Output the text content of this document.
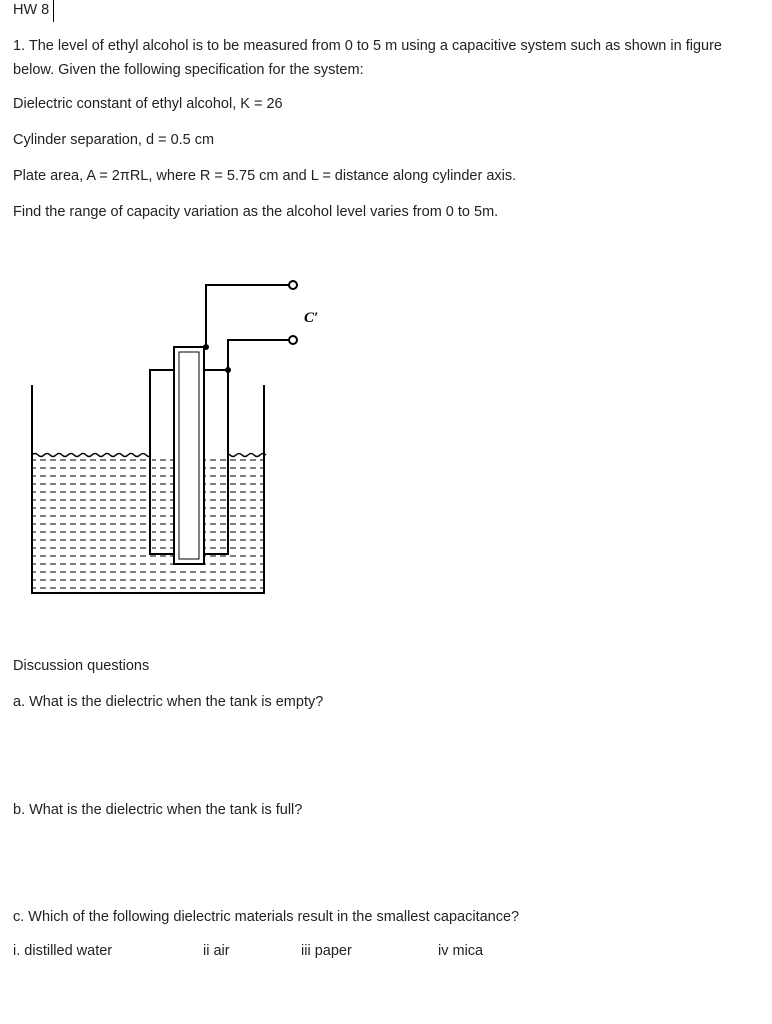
HW 8
1. The level of ethyl alcohol is to be measured from 0 to 5 m using a capacitive system such as shown in figure below. Given the following specification for the system:
Dielectric constant of ethyl alcohol, K = 26
Cylinder separation, d = 0.5 cm
Plate area, A = 2πRL, where R = 5.75 cm and L = distance along cylinder axis.
Find the range of capacity variation as the alcohol level varies from 0 to 5m.
C′
Discussion questions
a. What is the dielectric when the tank is empty?
b. What is the dielectric when the tank is full?
c. Which of the following dielectric materials result in the smallest capacitance?
i. distilled water	ii air	iii paper	iv mica
